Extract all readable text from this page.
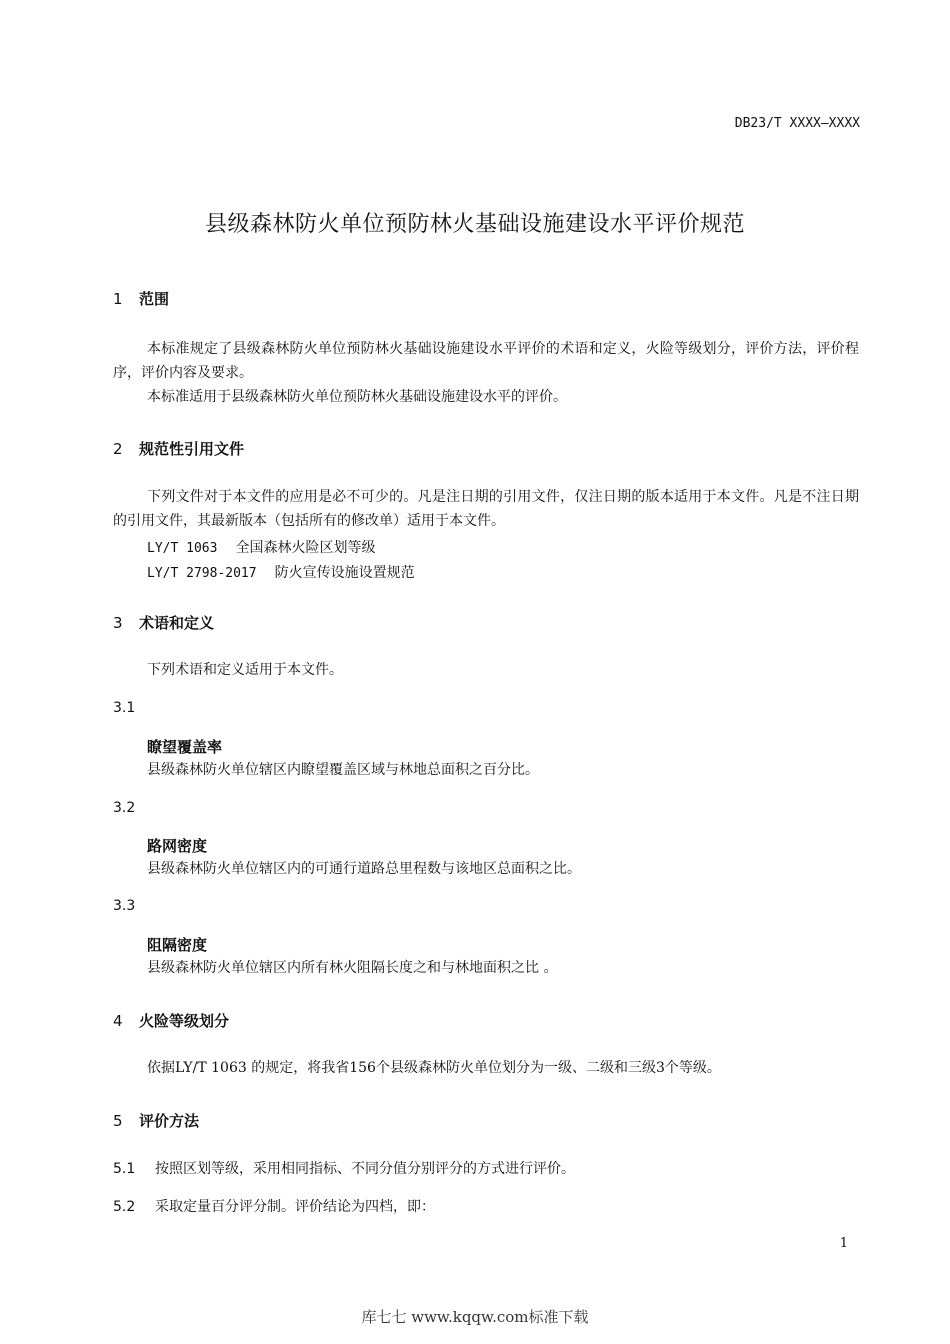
DB23/T XXXX—XXXX
县级森林防火单位预防林火基础设施建设水平评价规范
1 范围
本标准规定了县级森林防火单位预防林火基础设施建设水平评价的术语和定义，火险等级划分，评价方法，评价程序，评价内容及要求。
本标准适用于县级森林防火单位预防林火基础设施建设水平的评价。
2 规范性引用文件
下列文件对于本文件的应用是必不可少的。凡是注日期的引用文件，仅注日期的版本适用于本文件。凡是不注日期的引用文件，其最新版本（包括所有的修改单）适用于本文件。
LY/T 1063 全国森林火险区划等级
LY/T 2798-2017 防火宣传设施设置规范
3 术语和定义
下列术语和定义适用于本文件。
3.1
瞭望覆盖率
县级森林防火单位辖区内瞭望覆盖区域与林地总面积之百分比。
3.2
路网密度
县级森林防火单位辖区内的可通行道路总里程数与该地区总面积之比。
3.3
阻隔密度
县级森林防火单位辖区内所有林火阻隔长度之和与林地面积之比 。
4 火险等级划分
依据LY/T 1063 的规定，将我省156个县级森林防火单位划分为一级、二级和三级3个等级。
5 评价方法
5.1 按照区划等级，采用相同指标、不同分值分别评分的方式进行评价。
5.2 采取定量百分评分制。评价结论为四档，即：
1
库七七 www.kqqw.com标准下载
